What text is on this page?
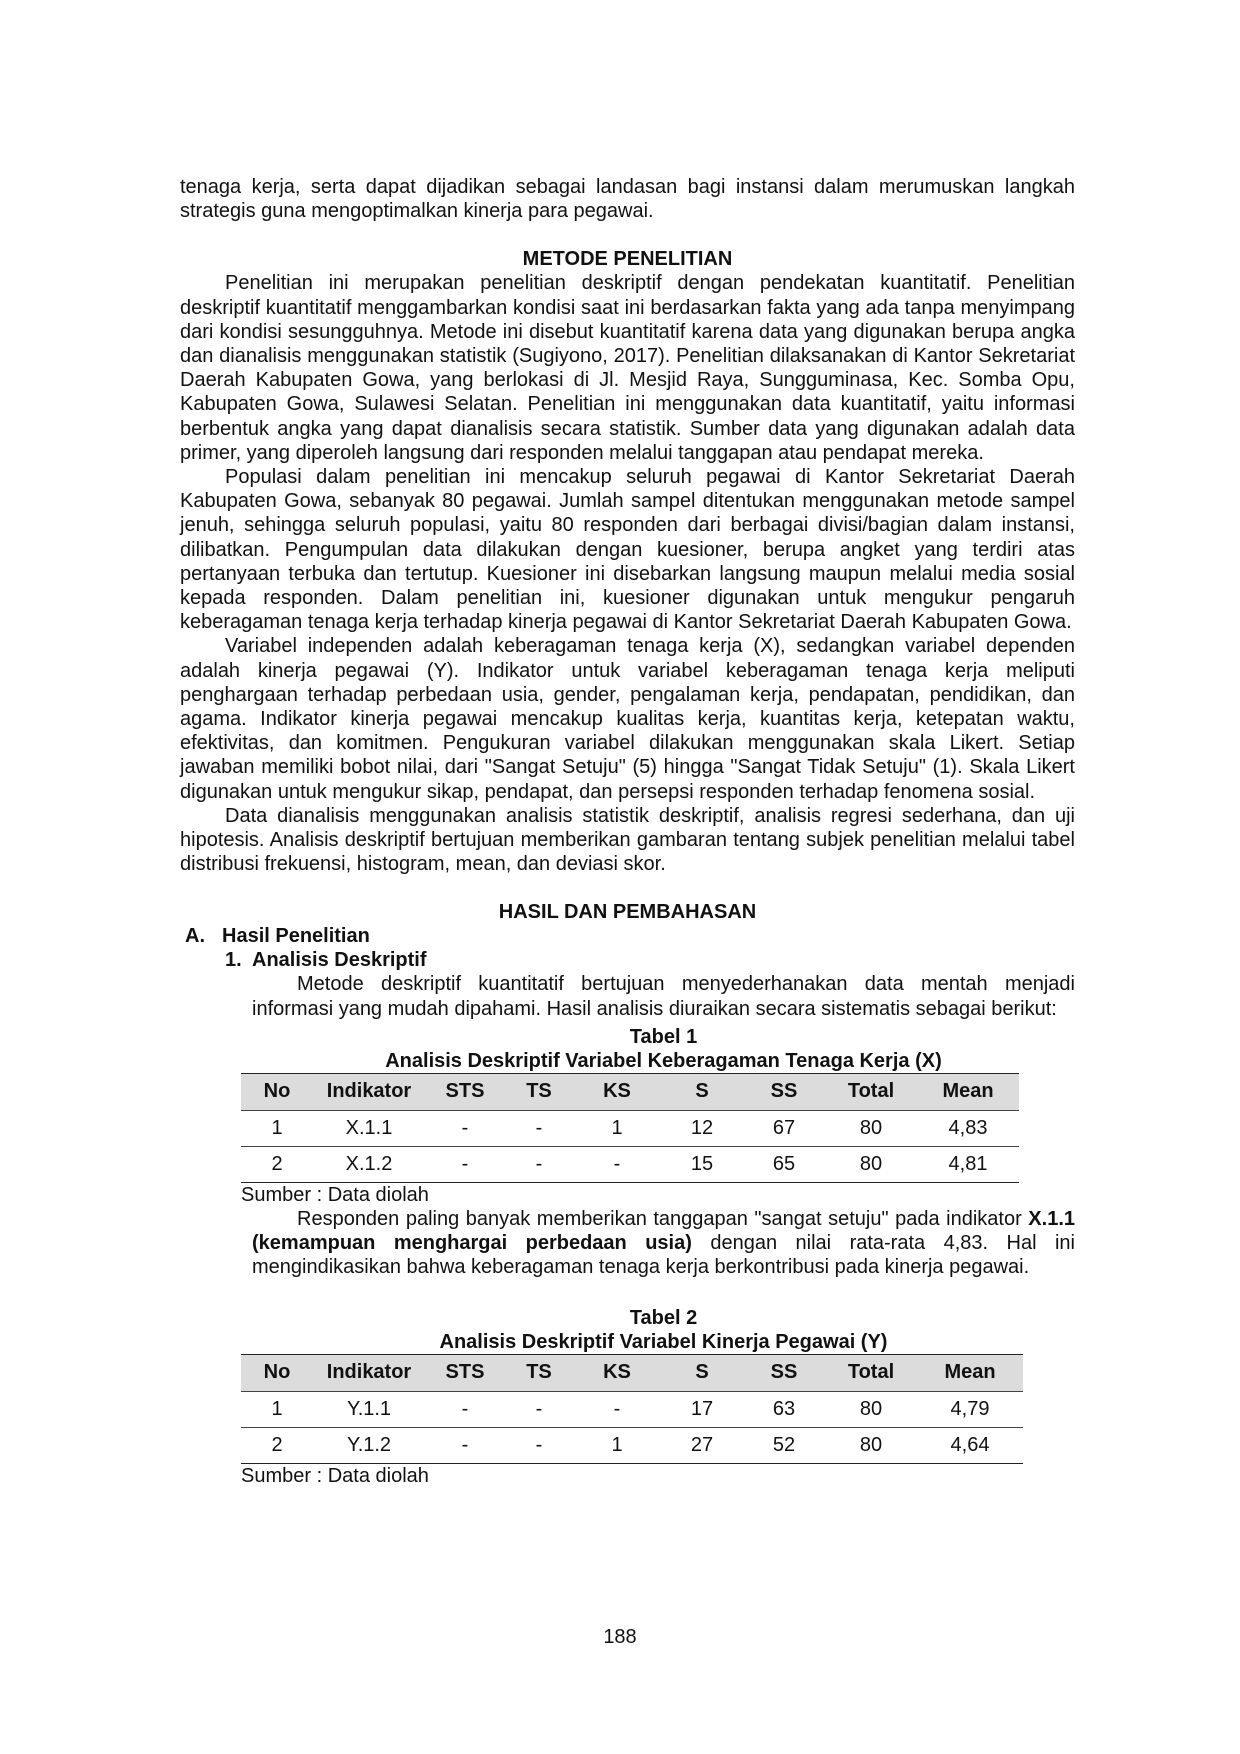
tenaga kerja, serta dapat dijadikan sebagai landasan bagi instansi dalam merumuskan langkah strategis guna mengoptimalkan kinerja para pegawai.

METODE PENELITIAN

Penelitian ini merupakan penelitian deskriptif dengan pendekatan kuantitatif. Penelitian deskriptif kuantitatif menggambarkan kondisi saat ini berdasarkan fakta yang ada tanpa menyimpang dari kondisi sesungguhnya. Metode ini disebut kuantitatif karena data yang digunakan berupa angka dan dianalisis menggunakan statistik (Sugiyono, 2017). Penelitian dilaksanakan di Kantor Sekretariat Daerah Kabupaten Gowa, yang berlokasi di Jl. Mesjid Raya, Sungguminasa, Kec. Somba Opu, Kabupaten Gowa, Sulawesi Selatan. Penelitian ini menggunakan data kuantitatif, yaitu informasi berbentuk angka yang dapat dianalisis secara statistik. Sumber data yang digunakan adalah data primer, yang diperoleh langsung dari responden melalui tanggapan atau pendapat mereka.

Populasi dalam penelitian ini mencakup seluruh pegawai di Kantor Sekretariat Daerah Kabupaten Gowa, sebanyak 80 pegawai. Jumlah sampel ditentukan menggunakan metode sampel jenuh, sehingga seluruh populasi, yaitu 80 responden dari berbagai divisi/bagian dalam instansi, dilibatkan. Pengumpulan data dilakukan dengan kuesioner, berupa angket yang terdiri atas pertanyaan terbuka dan tertutup. Kuesioner ini disebarkan langsung maupun melalui media sosial kepada responden. Dalam penelitian ini, kuesioner digunakan untuk mengukur pengaruh keberagaman tenaga kerja terhadap kinerja pegawai di Kantor Sekretariat Daerah Kabupaten Gowa.

Variabel independen adalah keberagaman tenaga kerja (X), sedangkan variabel dependen adalah kinerja pegawai (Y). Indikator untuk variabel keberagaman tenaga kerja meliputi penghargaan terhadap perbedaan usia, gender, pengalaman kerja, pendapatan, pendidikan, dan agama. Indikator kinerja pegawai mencakup kualitas kerja, kuantitas kerja, ketepatan waktu, efektivitas, dan komitmen. Pengukuran variabel dilakukan menggunakan skala Likert. Setiap jawaban memiliki bobot nilai, dari "Sangat Setuju" (5) hingga "Sangat Tidak Setuju" (1). Skala Likert digunakan untuk mengukur sikap, pendapat, dan persepsi responden terhadap fenomena sosial.

Data dianalisis menggunakan analisis statistik deskriptif, analisis regresi sederhana, dan uji hipotesis. Analisis deskriptif bertujuan memberikan gambaran tentang subjek penelitian melalui tabel distribusi frekuensi, histogram, mean, dan deviasi skor.

HASIL DAN PEMBAHASAN
A. Hasil Penelitian
1. Analisis Deskriptif

Metode deskriptif kuantitatif bertujuan menyederhanakan data mentah menjadi informasi yang mudah dipahami. Hasil analisis diuraikan secara sistematis sebagai berikut:

Tabel 1
Analisis Deskriptif Variabel Keberagaman Tenaga Kerja (X)
No	Indikator	STS	TS	KS	S	SS	Total	Mean
1	X.1.1	-	-	1	12	67	80	4,83
2	X.1.2	-	-	-	15	65	80	4,81
Sumber : Data diolah

Responden paling banyak memberikan tanggapan "sangat setuju" pada indikator X.1.1 (kemampuan menghargai perbedaan usia) dengan nilai rata-rata 4,83. Hal ini mengindikasikan bahwa keberagaman tenaga kerja berkontribusi pada kinerja pegawai.

Tabel 2
Analisis Deskriptif Variabel Kinerja Pegawai (Y)
No	Indikator	STS	TS	KS	S	SS	Total	Mean
1	Y.1.1	-	-	-	17	63	80	4,79
2	Y.1.2	-	-	1	27	52	80	4,64
Sumber : Data diolah
188
